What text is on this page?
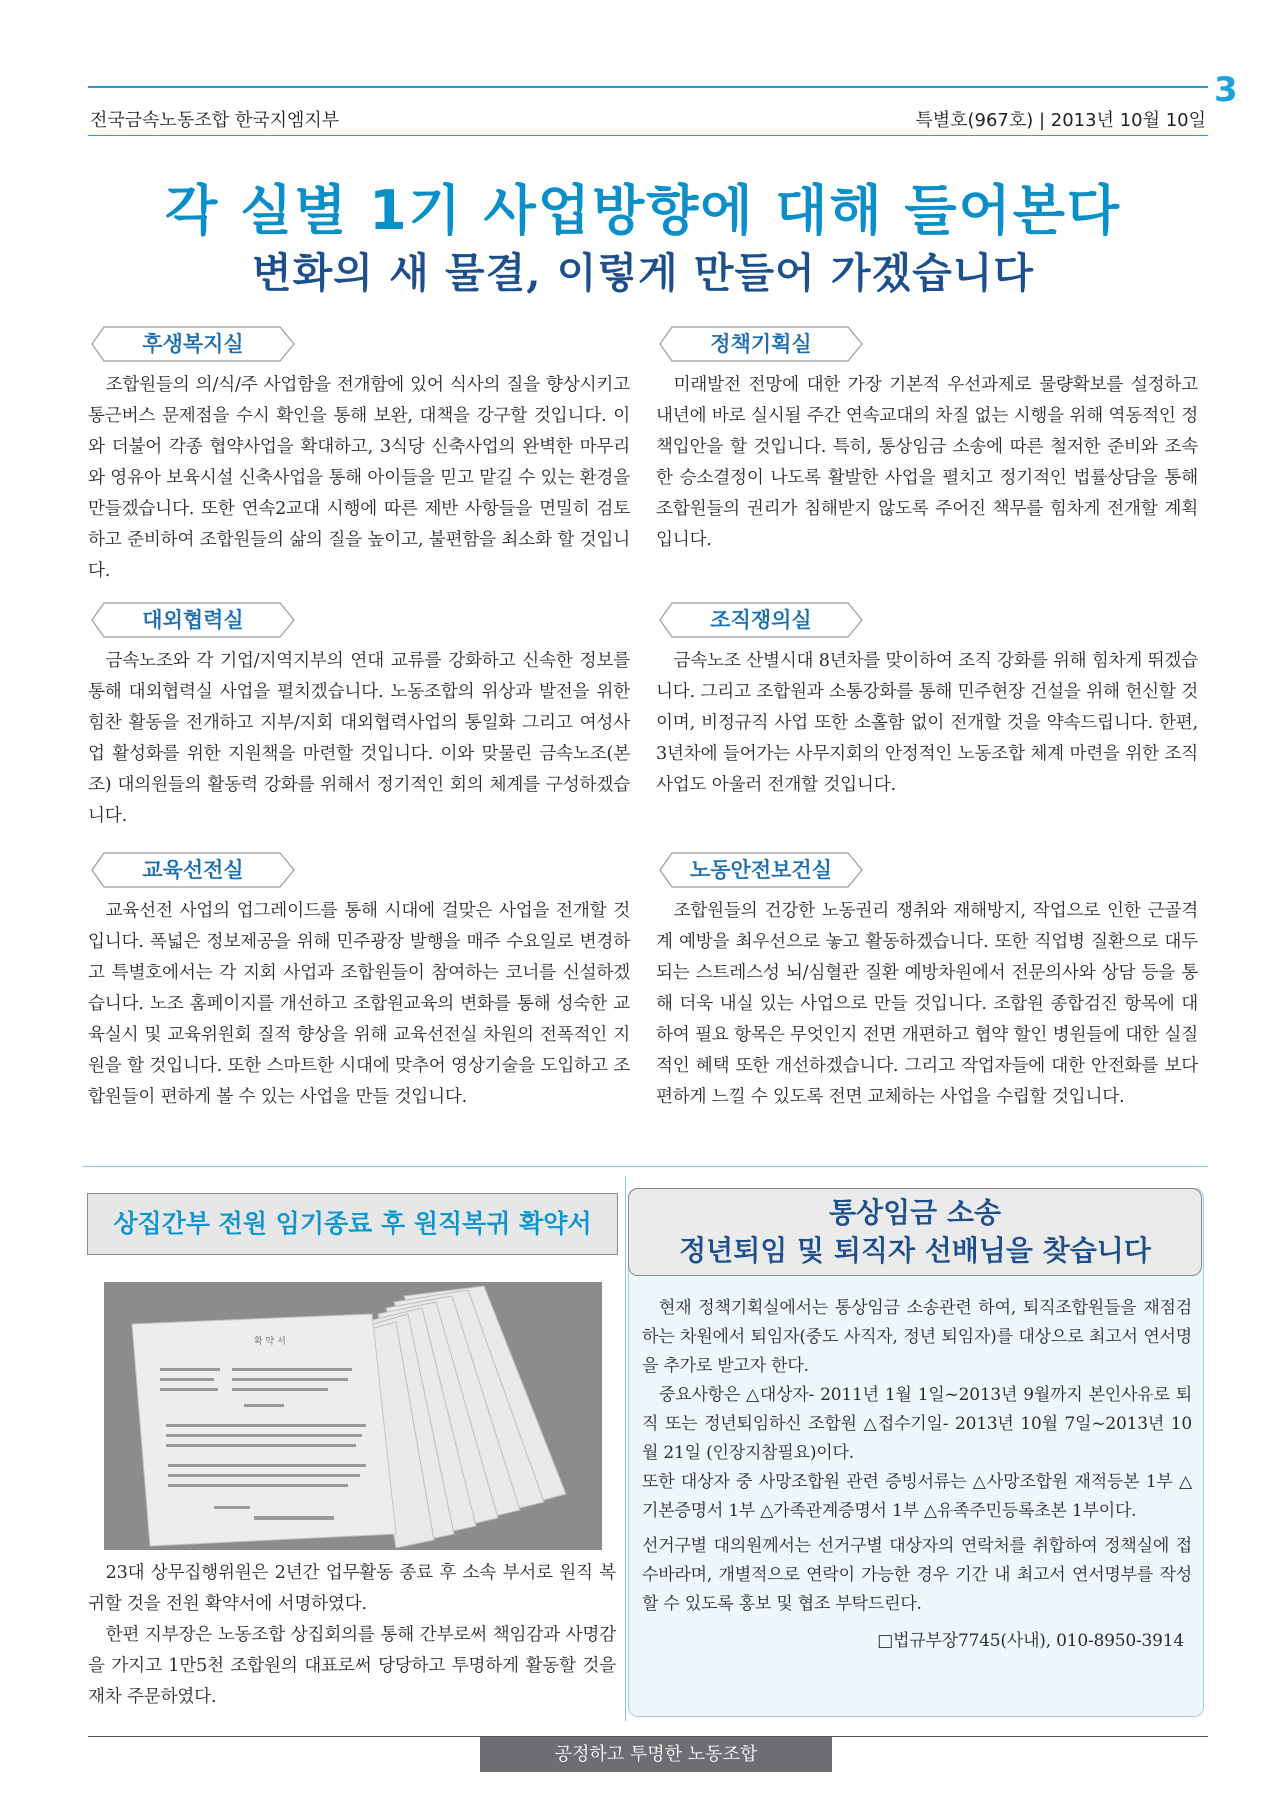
3
전국금속노동조합 한국지엠지부	특별호(967호) | 2013년 10월 10일
각 실별 1기 사업방향에 대해 들어본다
변화의 새 물결, 이렇게 만들어 가겠습니다
후생복지실

조합원들의 의/식/주 사업함을 전개함에 있어 식사의 질을 향상시키고 통근버스 문제점을 수시 확인을 통해 보완, 대책을 강구할 것입니다. 이와 더불어 각종 협약사업을 확대하고, 3식당 신축사업의 완벽한 마무리와 영유아 보육시설 신축사업을 통해 아이들을 믿고 맡길 수 있는 환경을 만들겠습니다. 또한 연속2교대 시행에 따른 제반 사항들을 면밀히 검토하고 준비하여 조합원들의 삶의 질을 높이고, 불편함을 최소화 할 것입니다.

정책기획실

미래발전 전망에 대한 가장 기본적 우선과제로 물량확보를 설정하고 내년에 바로 실시될 주간 연속교대의 차질 없는 시행을 위해 역동적인 정책입안을 할 것입니다. 특히, 통상임금 소송에 따른 철저한 준비와 조속한 승소결정이 나도록 활발한 사업을 펼치고 정기적인 법률상담을 통해 조합원들의 권리가 침해받지 않도록 주어진 책무를 힘차게 전개할 계획입니다.

대외협력실

금속노조와 각 기업/지역지부의 연대 교류를 강화하고 신속한 정보를 통해 대외협력실 사업을 펼치겠습니다. 노동조합의 위상과 발전을 위한 힘찬 활동을 전개하고 지부/지회 대외협력사업의 통일화 그리고 여성사업 활성화를 위한 지원책을 마련할 것입니다. 이와 맞물린 금속노조(본조) 대의원들의 활동력 강화를 위해서 정기적인 회의 체계를 구성하겠습니다.

조직쟁의실

금속노조 산별시대 8년차를 맞이하여 조직 강화를 위해 힘차게 뛰겠습니다. 그리고 조합원과 소통강화를 통해 민주현장 건설을 위해 헌신할 것이며, 비정규직 사업 또한 소홀함 없이 전개할 것을 약속드립니다. 한편, 3년차에 들어가는 사무지회의 안정적인 노동조합 체계 마련을 위한 조직사업도 아울러 전개할 것입니다.

교육선전실

교육선전 사업의 업그레이드를 통해 시대에 걸맞은 사업을 전개할 것입니다. 폭넓은 정보제공을 위해 민주광장 발행을 매주 수요일로 변경하고 특별호에서는 각 지회 사업과 조합원들이 참여하는 코너를 신설하겠습니다. 노조 홈페이지를 개선하고 조합원교육의 변화를 통해 성숙한 교육실시 및 교육위원회 질적 향상을 위해 교육선전실 차원의 전폭적인 지원을 할 것입니다. 또한 스마트한 시대에 맞추어 영상기술을 도입하고 조합원들이 편하게 볼 수 있는 사업을 만들 것입니다.

노동안전보건실

조합원들의 건강한 노동권리 쟁취와 재해방지, 작업으로 인한 근골격계 예방을 최우선으로 놓고 활동하겠습니다. 또한 직업병 질환으로 대두되는 스트레스성 뇌/심혈관 질환 예방차원에서 전문의사와 상담 등을 통해 더욱 내실 있는 사업으로 만들 것입니다. 조합원 종합검진 항목에 대하여 필요 항목은 무엇인지 전면 개편하고 협약 할인 병원들에 대한 실질적인 혜택 또한 개선하겠습니다. 그리고 작업자들에 대한 안전화를 보다 편하게 느낄 수 있도록 전면 교체하는 사업을 수립할 것입니다.

상집간부 전원 임기종료 후 원직복귀 확약서
확 약 서

23대 상무집행위원은 2년간 업무활동 종료 후 소속 부서로 원직 복귀할 것을 전원 확약서에 서명하였다.

한편 지부장은 노동조합 상집회의를 통해 간부로써 책임감과 사명감을 가지고 1만5천 조합원의 대표로써 당당하고 투명하게 활동할 것을 재차 주문하였다.

통상임금 소송
정년퇴임 및 퇴직자 선배님을 찾습니다

현재 정책기획실에서는 통상임금 소송관련 하여, 퇴직조합원들을 재점검하는 차원에서 퇴임자(중도 사직자, 정년 퇴임자)를 대상으로 최고서 연서명을 추가로 받고자 한다.

중요사항은 △대상자- 2011년 1월 1일~2013년 9월까지 본인사유로 퇴직 또는 정년퇴임하신 조합원 △접수기일- 2013년 10월 7일~2013년 10월 21일 (인장지참필요)이다.

또한 대상자 중 사망조합원 관련 증빙서류는 △사망조합원 재적등본 1부 △기본증명서 1부 △가족관계증명서 1부 △유족주민등록초본 1부이다.

선거구별 대의원께서는 선거구별 대상자의 연락처를 취합하여 정책실에 접수바라며, 개별적으로 연락이 가능한 경우 기간 내 최고서 연서명부를 작성할 수 있도록 홍보 및 협조 부탁드린다.

□법규부장7745(사내), 010-8950-3914

공정하고 투명한 노동조합
